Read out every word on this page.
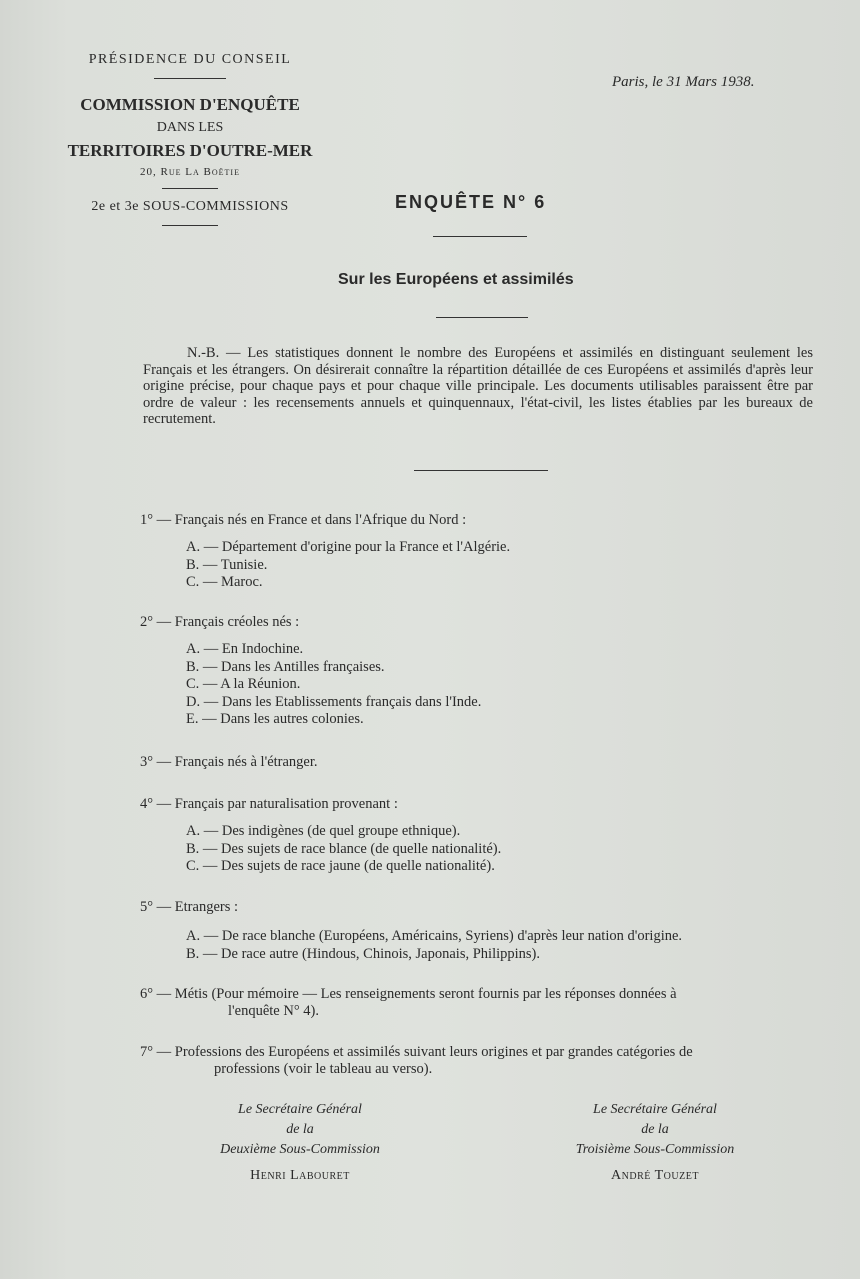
PRÉSIDENCE DU CONSEIL
COMMISSION D'ENQUÊTE
DANS LES
TERRITOIRES D'OUTRE-MER
20, Rue La Boëtie
2e et 3e SOUS-COMMISSIONS
Paris, le 31 Mars 1938.
ENQUÊTE N° 6
Sur les Européens et assimilés
N.-B. — Les statistiques donnent le nombre des Européens et assimilés en distinguant seulement les Français et les étrangers. On désirerait connaître la répartition détaillée de ces Européens et assimilés d'après leur origine précise, pour chaque pays et pour chaque ville principale. Les documents utilisables paraissent être par ordre de valeur : les recensements annuels et quinquennaux, l'état-civil, les listes établies par les bureaux de recrutement.
1° — Français nés en France et dans l'Afrique du Nord :
A. — Département d'origine pour la France et l'Algérie.
B. — Tunisie.
C. — Maroc.
2° — Français créoles nés :
A. — En Indochine.
B. — Dans les Antilles françaises.
C. — A la Réunion.
D. — Dans les Etablissements français dans l'Inde.
E. — Dans les autres colonies.
3° — Français nés à l'étranger.
4° — Français par naturalisation provenant :
A. — Des indigènes (de quel groupe ethnique).
B. — Des sujets de race blance (de quelle nationalité).
C. — Des sujets de race jaune (de quelle nationalité).
5° — Etrangers :
A. — De race blanche (Européens, Américains, Syriens) d'après leur nation d'origine.
B. — De race autre (Hindous, Chinois, Japonais, Philippins).
6° — Métis (Pour mémoire — Les renseignements seront fournis par les réponses données à
l'enquête N° 4).
7° — Professions des Européens et assimilés suivant leurs origines et par grandes catégories de
professions (voir le tableau au verso).
Le Secrétaire Général
de la
Deuxième Sous-Commission
Henri Labouret
Le Secrétaire Général
de la
Troisième Sous-Commission
André Touzet
